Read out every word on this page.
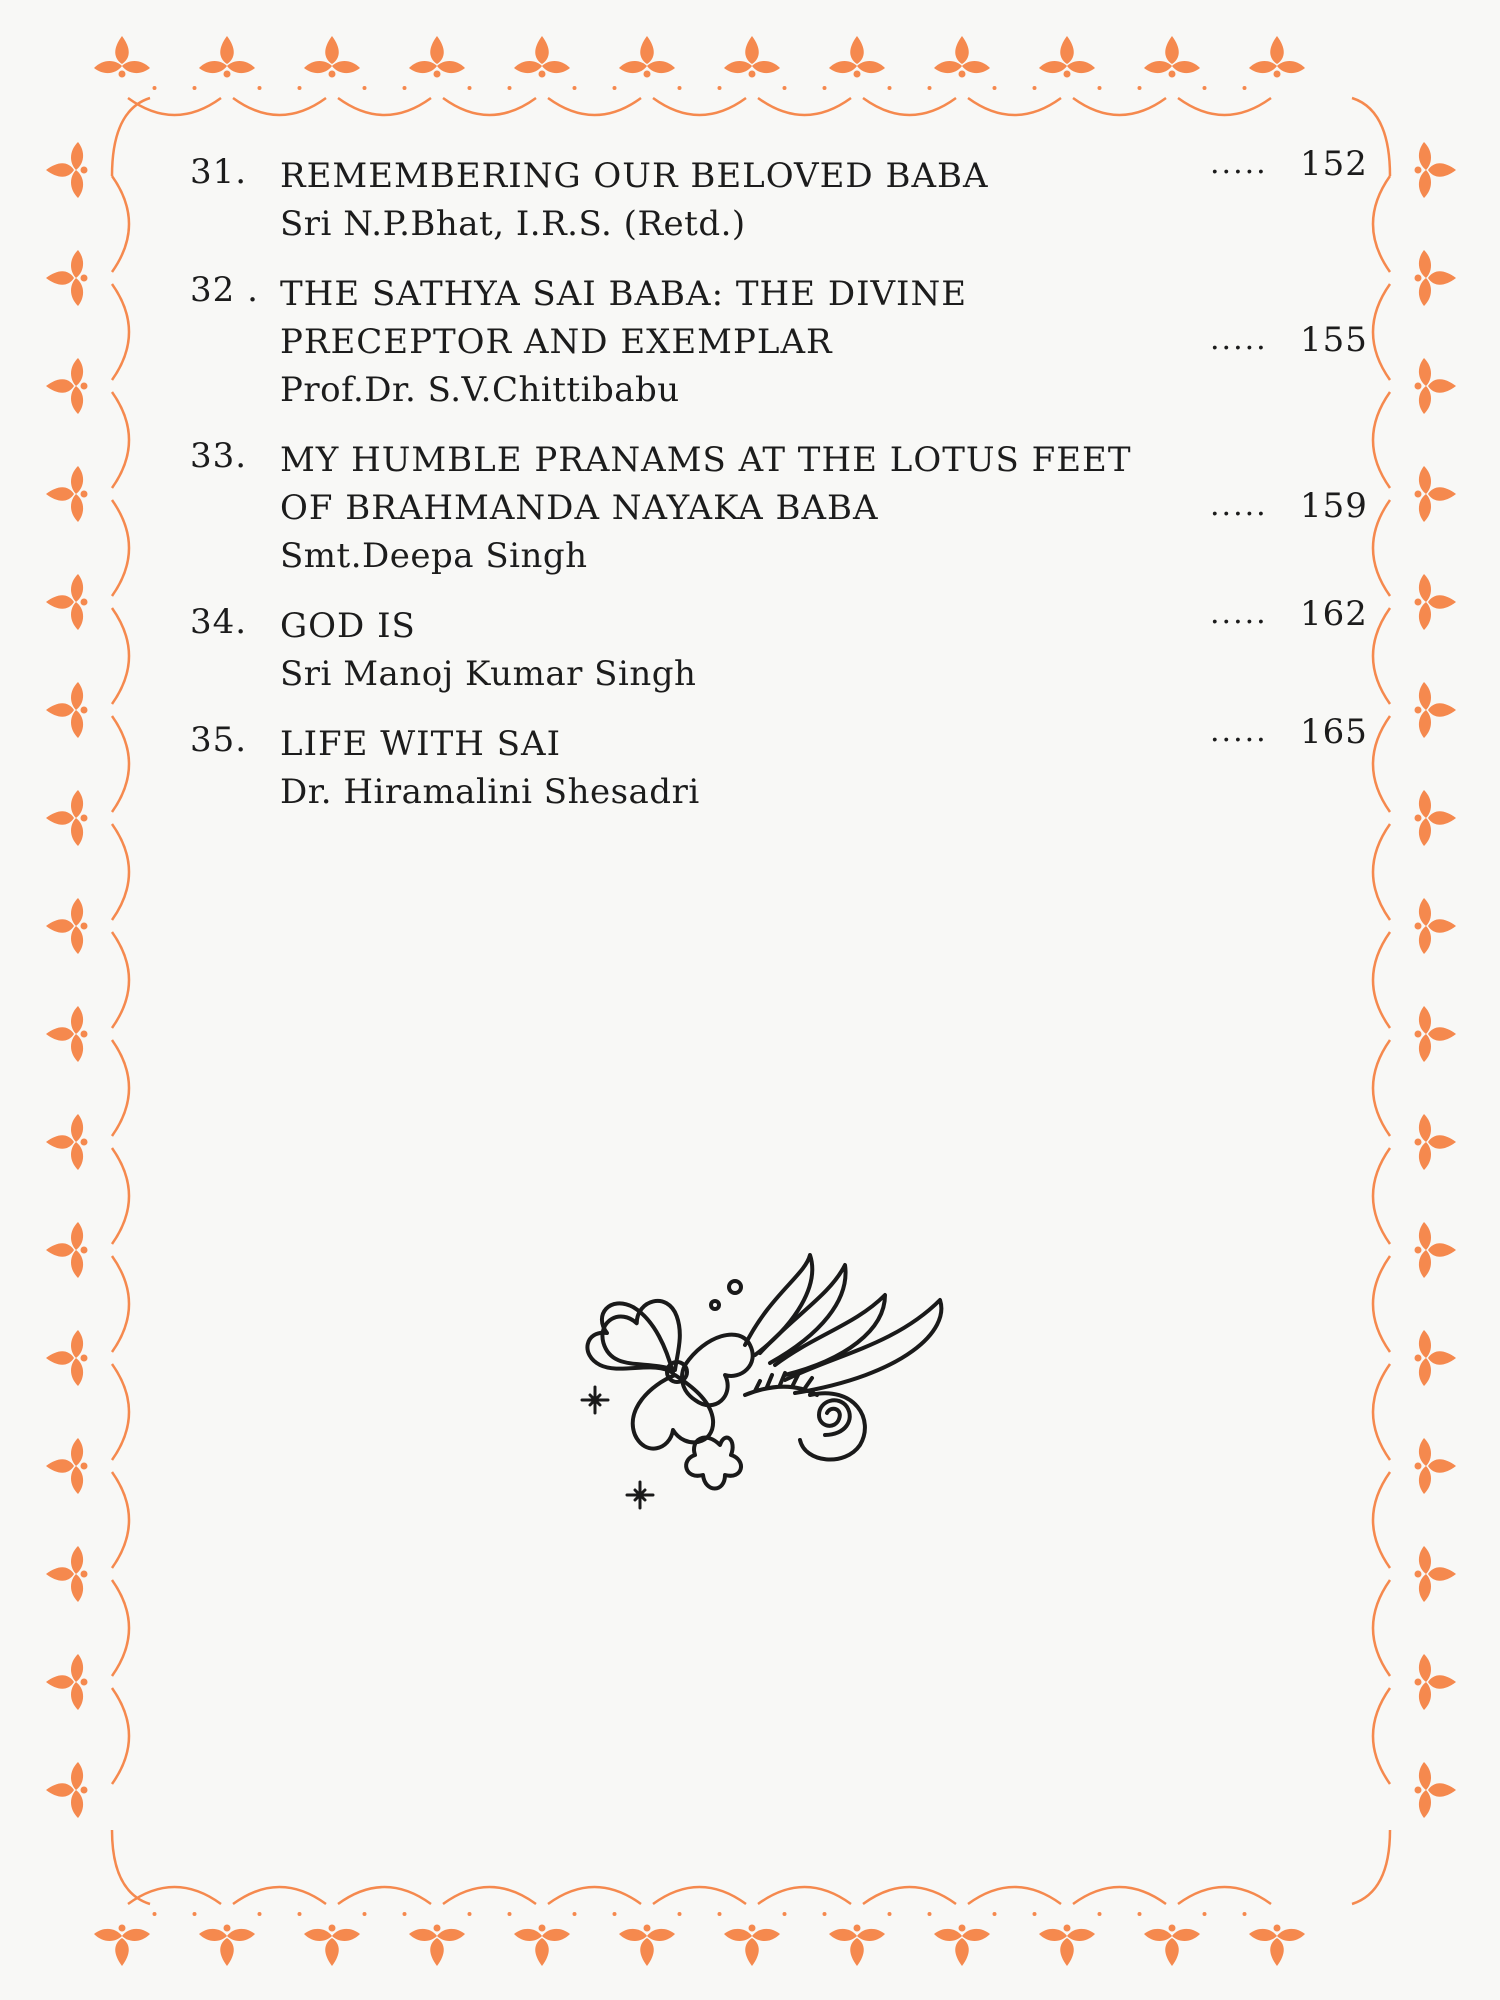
31. REMEMBERING OUR BELOVED BABA
Sri N.P.Bhat, I.R.S. (Retd.)
..... 152
32 . THE SATHYA SAI BABA: THE DIVINE
PRECEPTOR AND EXEMPLAR
Prof.Dr. S.V.Chittibabu
..... 155
33. MY HUMBLE PRANAMS AT THE LOTUS FEET
OF BRAHMANDA NAYAKA BABA
Smt.Deepa Singh
..... 159
34. GOD IS
Sri Manoj Kumar Singh
..... 162
35. LIFE WITH SAI
Dr. Hiramalini Shesadri
..... 165
